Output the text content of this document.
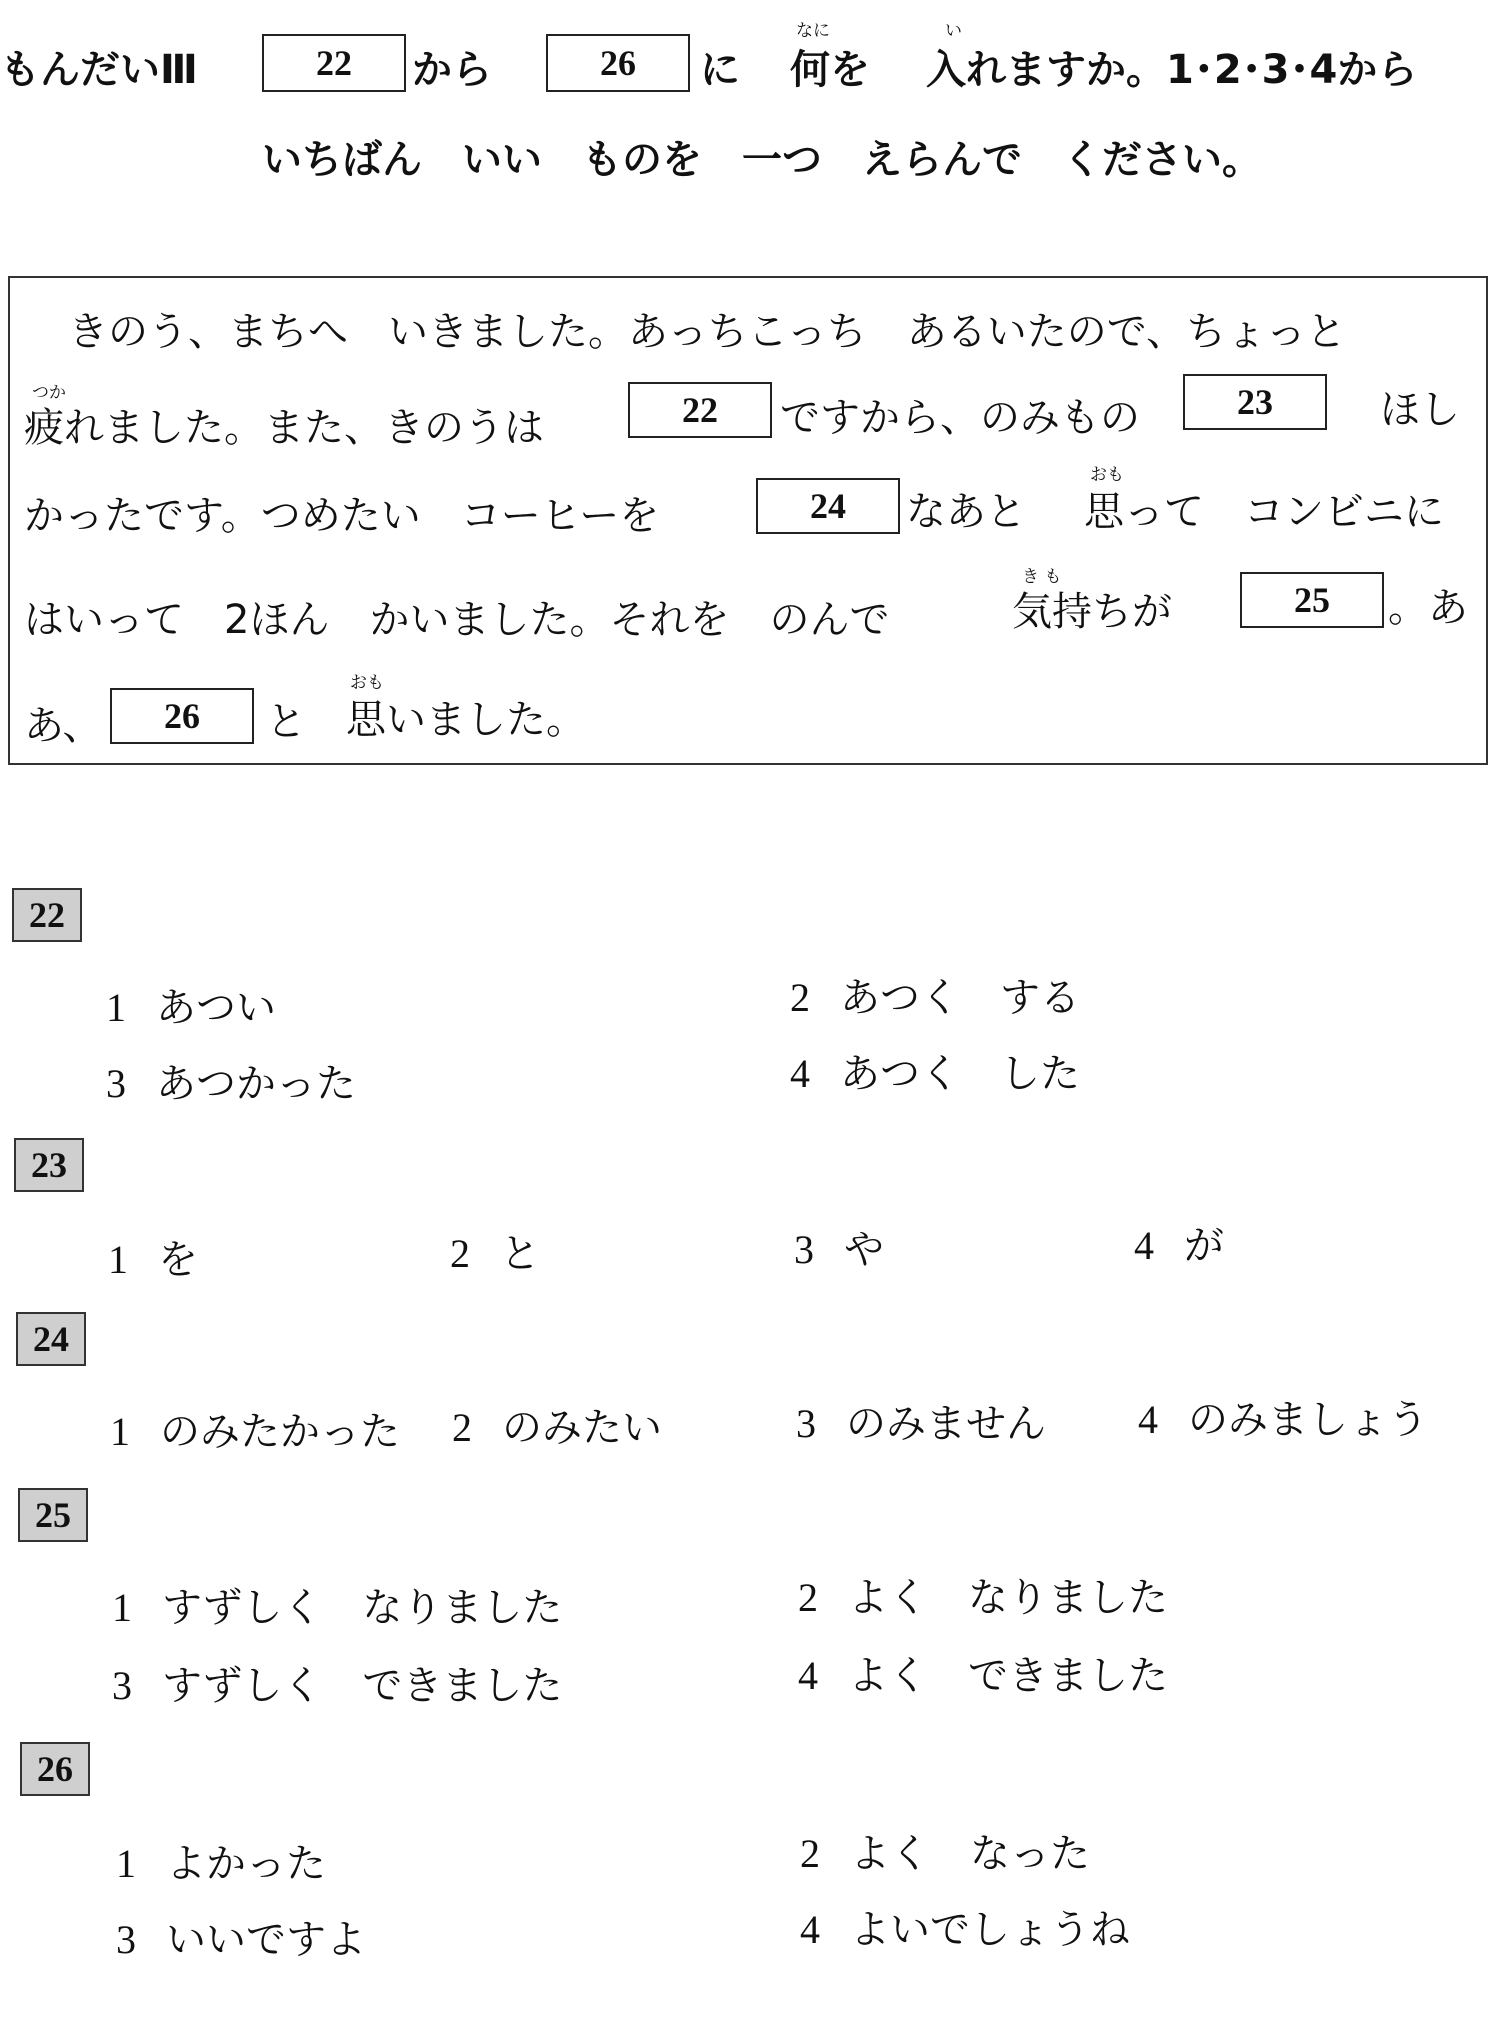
もんだいⅢ	22	から	26	に
なに
何を
い
入れますか。1･2･3･4から
いちばん　いい　ものを　一つ　えらんで　ください。
きのう、まちへ　いきました。あっちこっち　あるいたので、ちょっと
つか
疲れました。また、きのうは	22	ですから、のみもの	23	ほし
かったです。つめたい　コーヒーを	24	なあと
おも
思って　コンビニに
はいって　2ほん　かいました。それを　のんで
き も
気持ちが	25	。あ
あ、	26	と
おも
思いました。
22
1 あつい	2 あつく　する
3 あつかった	4 あつく　した
23
1 を	2 と	3 や	4 が
24
1 のみたかった 2 のみたい	3 のみません 4 のみましょう
25
1 すずしく　なりました	2 よく　なりました
3 すずしく　できました	4 よく　できました
26
1 よかった	2 よく　なった
3 いいですよ	4 よいでしょうね
